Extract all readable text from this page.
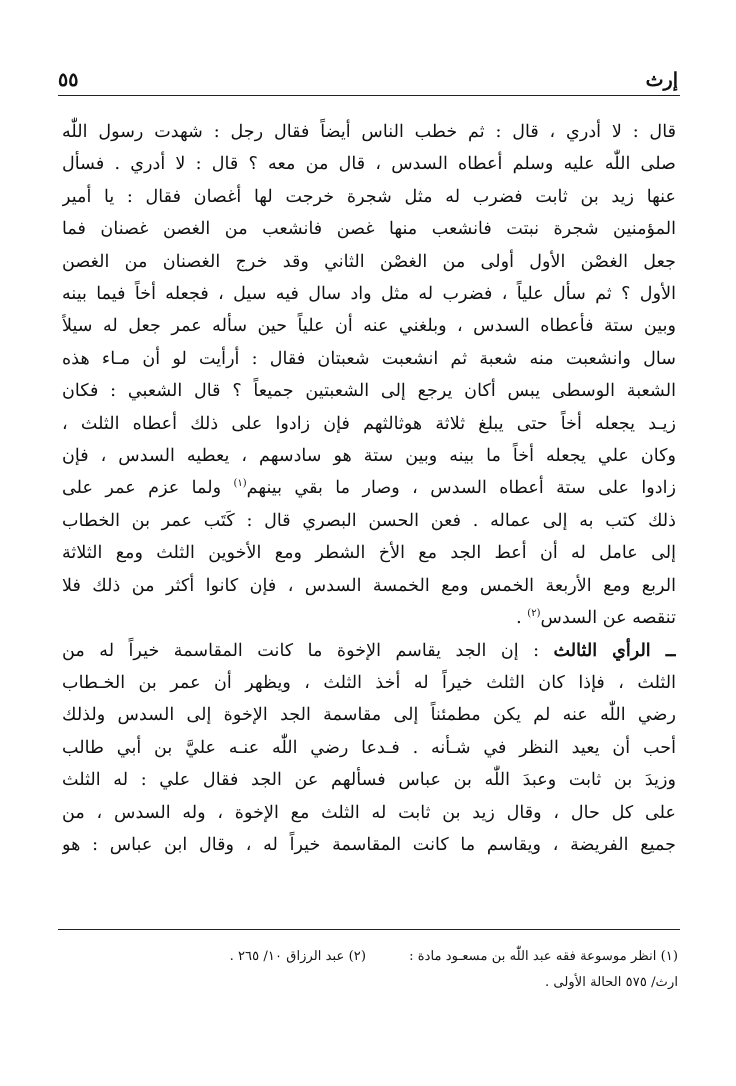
إرث
٥٥
قال : لا أدري ، قال : ثم خطب الناس أيضاً فقال رجل : شهدت رسول اللّٰه
صلى اللّٰه عليه وسلم أعطاه السدس ، قال من معه ؟ قال : لا أدري . فسأل
عنها زيد بن ثابت فضرب له مثل شجرة خرجت لها أغصان فقال : يا أمير
المؤمنين شجرة نبتت فانشعب منها غصن فانشعب من الغصن غصنان فما
جعل الغصْن الأول أولى من الغصْن الثاني وقد خرج الغصنان من الغصن
الأول ؟ ثم سأل علياً ، فضرب له مثل واد سال فيه سيل ، فجعله أخاً فيما بينه
وبين ستة فأعطاه السدس ، وبلغني عنه أن علياً حين سأله عمر جعل له سيلاً
سال وانشعبت منه شعبة ثم انشعبت شعبتان فقال : أرأيت لو أن مـاء هذه
الشعبة الوسطى يبس أكان يرجع إلى الشعبتين جميعاً ؟ قال الشعبي : فكان
زيـد يجعله أخاً حتى يبلغ ثلاثة هوثالثهم فإن زادوا على ذلك أعطاه الثلث ،
وكان علي يجعله أخاً ما بينه وبين ستة هو سادسهم ، يعطيه السدس ، فإن
زادوا على ستة أعطاه السدس ، وصار ما بقي بينهم$^{(١)}$ ولما عزم عمر على
ذلك كتب به إلى عماله . فعن الحسن البصري قال : كَتَب عمر بن الخطاب
إلى عامل له أن أعط الجد مع الأخ الشطر ومع الأخوين الثلث ومع الثلاثة
الربع ومع الأربعة الخمس ومع الخمسة السدس ، فإن كانوا أكثر من ذلك فلا
تنقصه عن السدس$^{(٢)}$ .
ــ الرأي الثالث : إن الجد يقاسم الإخوة ما كانت المقاسمة خيراً له من
الثلث ، فإذا كان الثلث خيراً له أخذ الثلث ، ويظهر أن عمر بن الخـطاب
رضي اللّٰه عنه لم يكن مطمئناً إلى مقاسمة الجد الإخوة إلى السدس ولذلك
أحب أن يعيد النظر في شـأنه . فـدعا رضي اللّٰه عنـه عليَّ بن أبي طالب
وزيدَ بن ثابت وعبدَ اللّٰه بن عباس فسألهم عن الجد فقال علي : له الثلث
على كل حال ، وقال زيد بن ثابت له الثلث مع الإخوة ، وله السدس ، من
جميع الفريضة ، ويقاسم ما كانت المقاسمة خيراً له ، وقال ابن عباس : هو
(١) انظر موسوعة فقه عبد اللّٰه بن مسعـود مادة :
(٢) عبد الرزاق ١٠/ ٢٦٥ .
ارث/ ٥٧٥ الحالة الأولى .
